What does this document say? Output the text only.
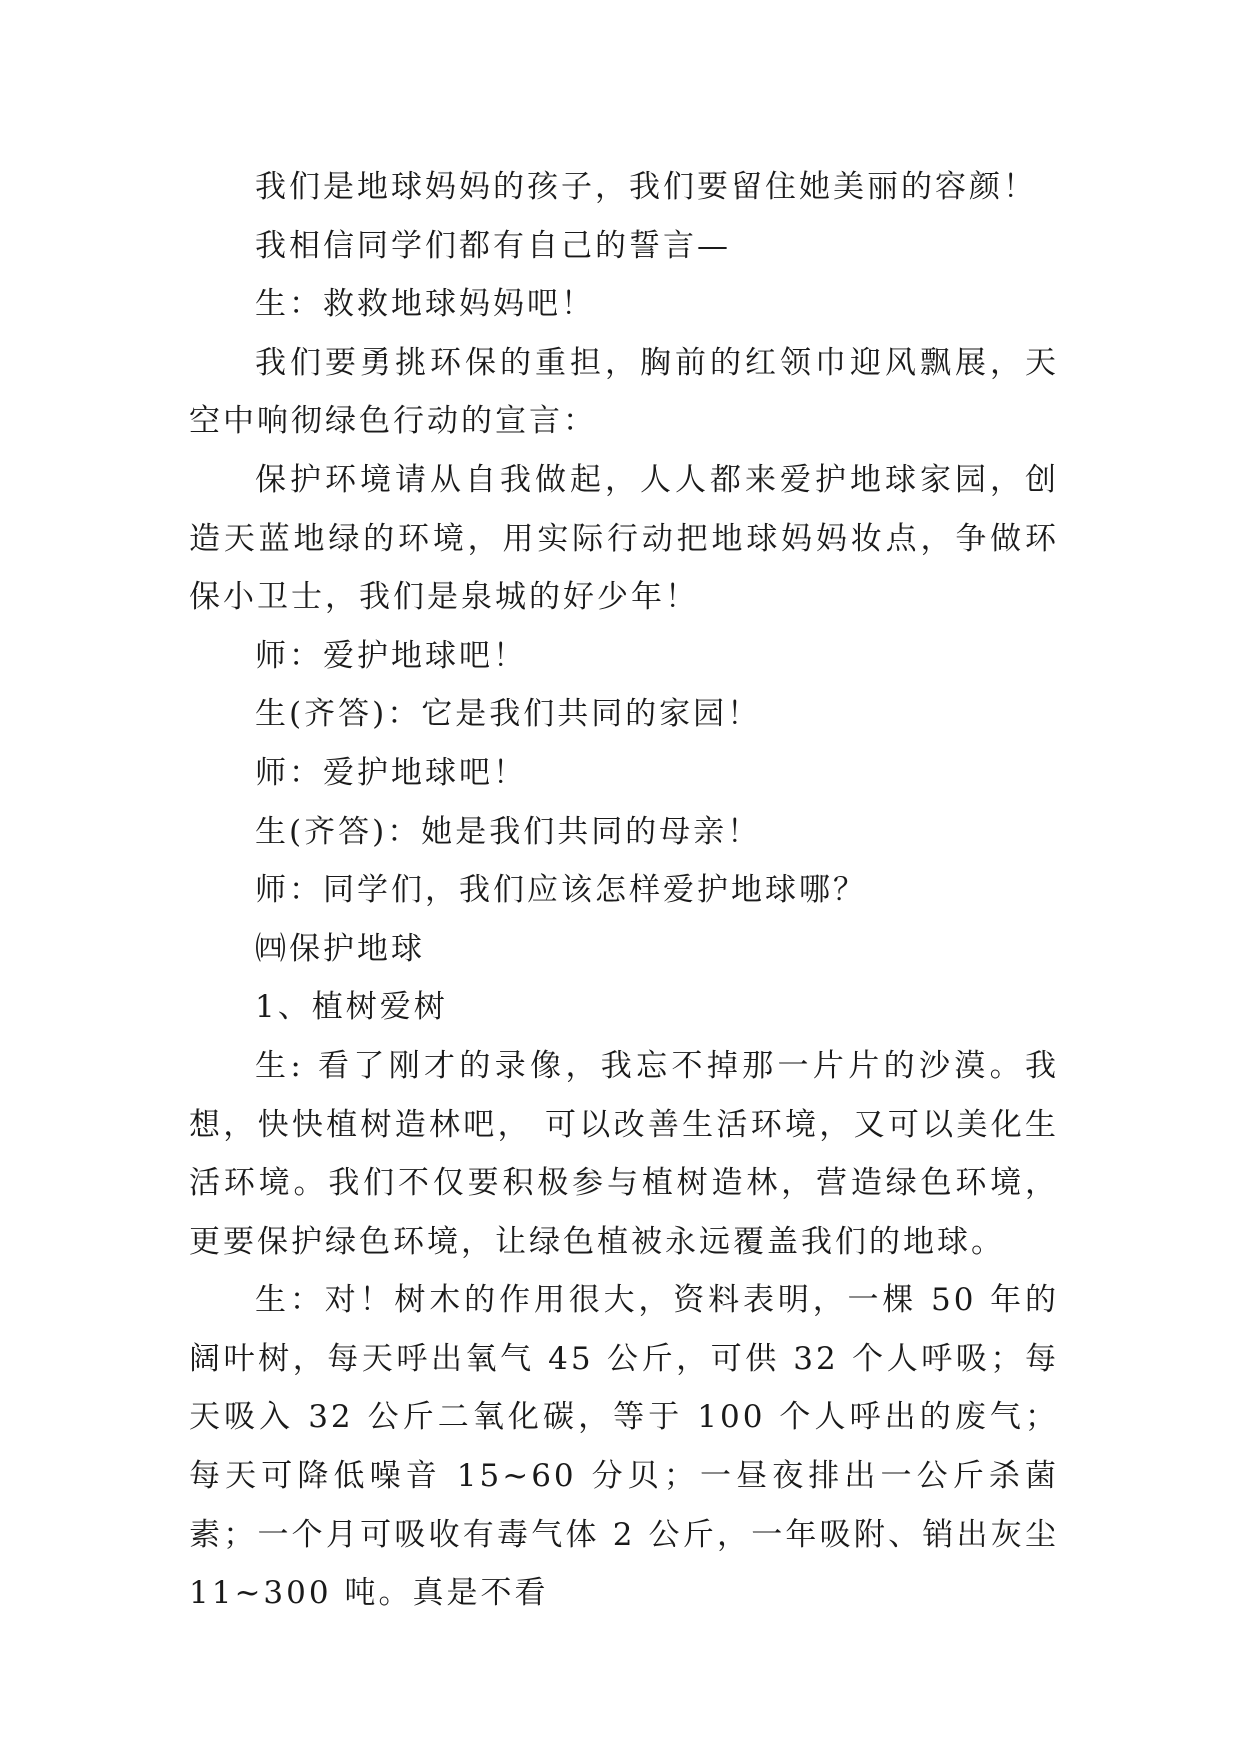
我们是地球妈妈的孩子，我们要留住她美丽的容颜！

我相信同学们都有自己的誓言—

生：救救地球妈妈吧！

我们要勇挑环保的重担，胸前的红领巾迎风飘展，天空中响彻绿色行动的宣言：

保护环境请从自我做起，人人都来爱护地球家园，创造天蓝地绿的环境，用实际行动把地球妈妈妆点，争做环保小卫士，我们是泉城的好少年！

师：爱护地球吧！

生(齐答)：它是我们共同的家园！

师：爱护地球吧！

生(齐答)：她是我们共同的母亲！

师：同学们，我们应该怎样爱护地球哪？

㈣保护地球

1、植树爱树

生: 看了刚才的录像，我忘不掉那一片片的沙漠。我想，快快植树造林吧， 可以改善生活环境，又可以美化生活环境。我们不仅要积极参与植树造林，营造绿色环境，更要保护绿色环境，让绿色植被永远覆盖我们的地球。

生：对！树木的作用很大，资料表明，一棵 50 年的阔叶树，每天呼出氧气 45 公斤，可供 32 个人呼吸；每天吸入 32 公斤二氧化碳，等于 100 个人呼出的废气；每天可降低噪音 15~60 分贝；一昼夜排出一公斤杀菌素；一个月可吸收有毒气体 2 公斤，一年吸附、销出灰尘 11~300 吨。真是不看
